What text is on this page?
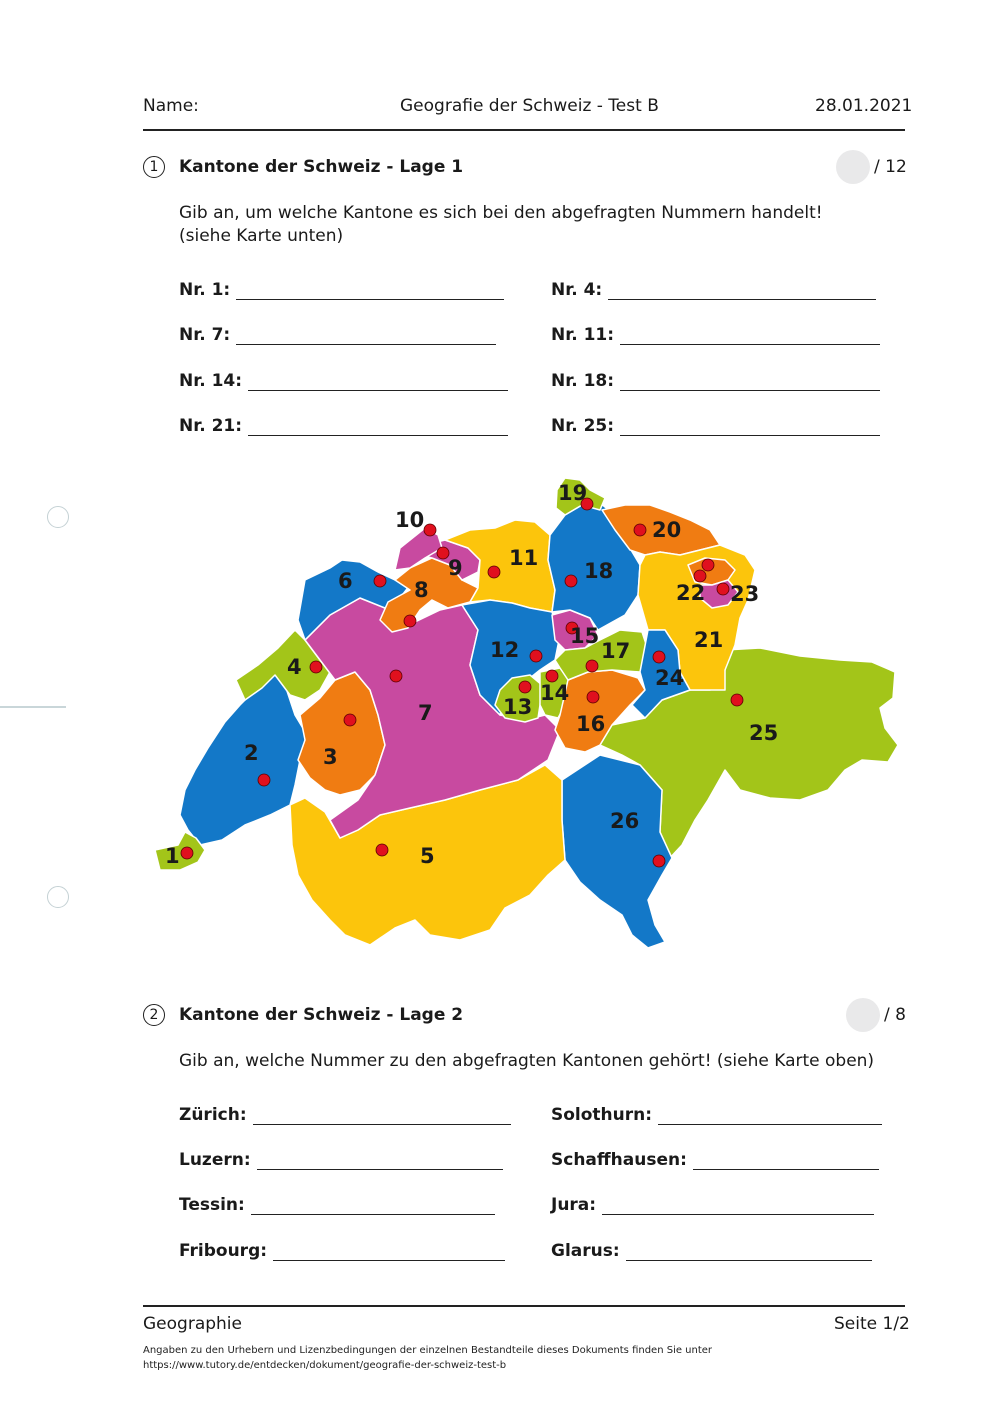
Name:	Geografie der Schweiz - Test B	28.01.2021
1	Kantone der Schweiz - Lage 1	/ 12
Gib an, um welche Kantone es sich bei den abgefragten Nummern handelt!
(siehe Karte unten)
Nr. 1:	Nr. 4:
Nr. 7:	Nr. 11:
Nr. 14:	Nr. 18:
Nr. 21:	Nr. 25:
1
2	3
4
5
6
7
8
9
10
11
12
13
14
15
16
17
18
19
20
21
22 23
24
25
26
2	Kantone der Schweiz - Lage 2	/ 8
Gib an, welche Nummer zu den abgefragten Kantonen gehört! (siehe Karte oben)
Zürich:	Solothurn:
Luzern:	Schaffhausen:
Tessin:	Jura:
Fribourg:	Glarus:
Geographie	Seite 1/2
Angaben zu den Urhebern und Lizenzbedingungen der einzelnen Bestandteile dieses Dokuments finden Sie unter
https://www.tutory.de/entdecken/dokument/geografie-der-schweiz-test-b
